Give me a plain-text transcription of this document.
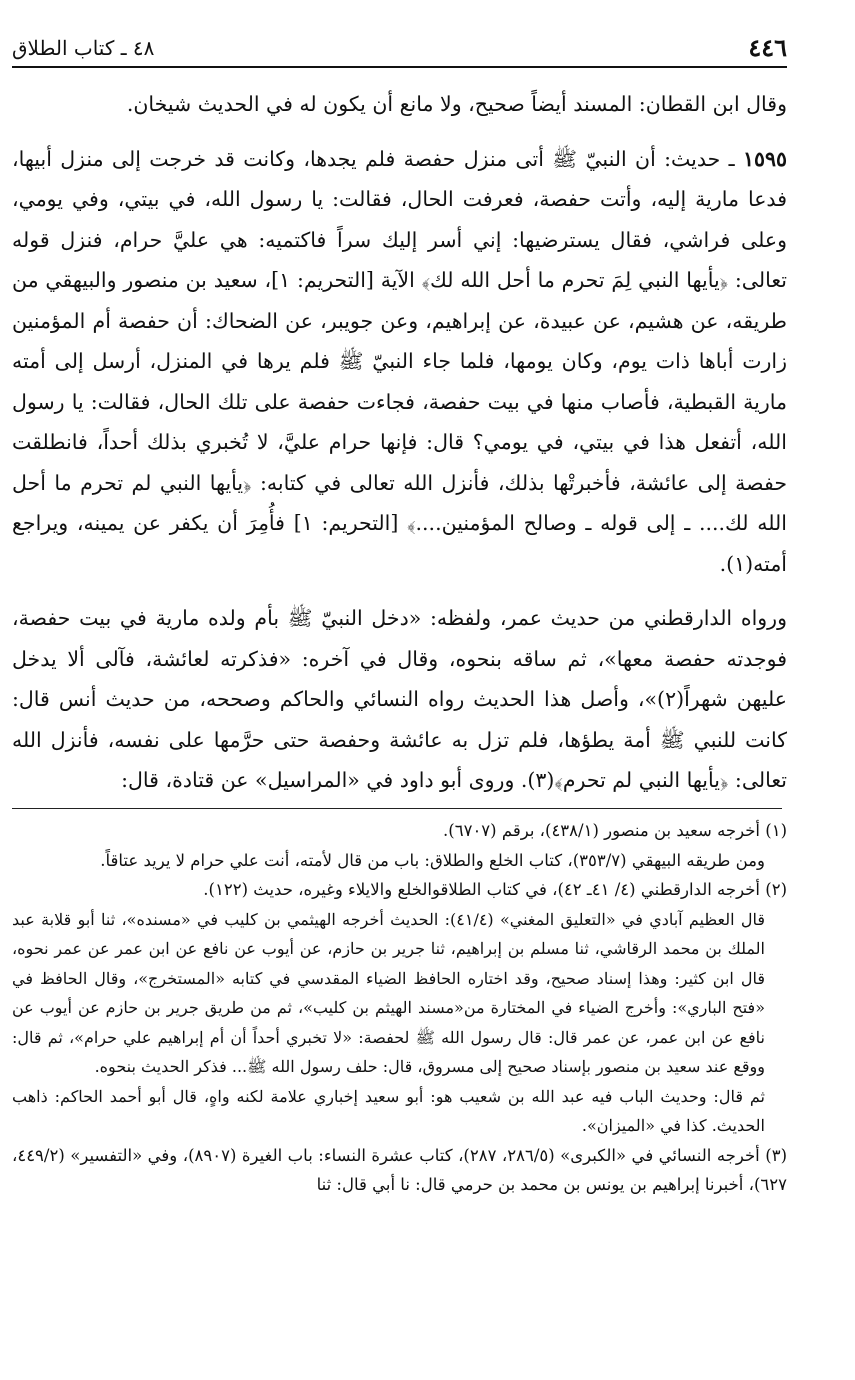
٤٤٦
٤٨ ـ كتاب الطلاق

وقال ابن القطان: المسند أيضاً صحيح، ولا مانع أن يكون له في الحديث شيخان.

١٥٩٥ ـ حديث: أن النبيّ ﷺ أتى منزل حفصة فلم يجدها، وكانت قد خرجت إلى منزل أبيها، فدعا مارية إليه، وأتت حفصة، فعرفت الحال، فقالت: يا رسول الله، في بيتي، وفي يومي، وعلى فراشي، فقال يسترضيها: إني أسر إليك سراً فاكتميه: هي عليَّ حرام، فنزل قوله تعالى: ﴿يأيها النبي لِمَ تحرم ما أحل الله لك﴾ الآية [التحريم: ١]، سعيد بن منصور والبيهقي من طريقه، عن هشيم، عن عبيدة، عن إبراهيم، وعن جويبر، عن الضحاك: أن حفصة أم المؤمنين زارت أباها ذات يوم، وكان يومها، فلما جاء النبيّ ﷺ فلم يرها في المنزل، أرسل إلى أمته مارية القبطية، فأصاب منها في بيت حفصة، فجاءت حفصة على تلك الحال، فقالت: يا رسول الله، أتفعل هذا في بيتي، في يومي؟ قال: فإنها حرام عليَّ، لا تُخبري بذلك أحداً، فانطلقت حفصة إلى عائشة، فأخبرتْها بذلك، فأنزل الله تعالى في كتابه: ﴿يأيها النبي لم تحرم ما أحل الله لك.... ـ إلى قوله ـ وصالح المؤمنين....﴾ [التحريم: ١] فأُمِرَ أن يكفر عن يمينه، ويراجع أمته(١).

ورواه الدارقطني من حديث عمر، ولفظه: «دخل النبيّ ﷺ بأم ولده مارية في بيت حفصة، فوجدته حفصة معها»، ثم ساقه بنحوه، وقال في آخره: «فذكرته لعائشة، فآلى ألا يدخل عليهن شهراً(٢)»، وأصل هذا الحديث رواه النسائي والحاكم وصححه، من حديث أنس قال: كانت للنبي ﷺ أمة يطؤها، فلم تزل به عائشة وحفصة حتى حرَّمها على نفسه، فأنزل الله تعالى: ﴿يأيها النبي لم تحرم﴾(٣). وروى أبو داود في «المراسيل» عن قتادة، قال:

(١) أخرجه سعيد بن منصور (٤٣٨/١)، برقم (٦٧٠٧).

ومن طريقه البيهقي (٣٥٣/٧)، كتاب الخلع والطلاق: باب من قال لأمته، أنت علي حرام لا يريد عتاقاً.

(٢) أخرجه الدارقطني (٤/ ٤١ـ ٤٢)، في كتاب الطلاقوالخلع والايلاء وغيره، حديث (١٢٢).

قال العظيم آبادي في «التعليق المغني» (٤١/٤): الحديث أخرجه الهيثمي بن كليب في «مسنده»، ثنا أبو قلابة عبد الملك بن محمد الرقاشي، ثنا مسلم بن إبراهيم، ثنا جرير بن حازم، عن أيوب عن نافع عن ابن عمر عن عمر نحوه، قال ابن كثير: وهذا إسناد صحيح، وقد اختاره الحافظ الضياء المقدسي في كتابه «المستخرج»، وقال الحافظ في «فتح الباري»: وأخرج الضياء في المختارة من«مسند الهيثم بن كليب»، ثم من طريق جرير بن حازم عن أيوب عن نافع عن ابن عمر، عن عمر قال: قال رسول الله ﷺ لحفصة: «لا تخبري أحداً أن أم إبراهيم علي حرام»، ثم قال: ووقع عند سعيد بن منصور بإسناد صحيح إلى مسروق، قال: حلف رسول الله ﷺ... فذكر الحديث بنحوه.

ثم قال: وحديث الباب فيه عبد الله بن شعيب هو: أبو سعيد إخباري علامة لكنه واهٍ، قال أبو أحمد الحاكم: ذاهب الحديث. كذا في «الميزان».

(٣) أخرجه النسائي في «الكبرى» (٢٨٦/٥، ٢٨٧)، كتاب عشرة النساء: باب الغيرة (٨٩٠٧)، وفي «التفسير» (٤٤٩/٢، ٦٢٧)، أخبرنا إبراهيم بن يونس بن محمد بن حرمي قال: نا أبي قال: ثنا
